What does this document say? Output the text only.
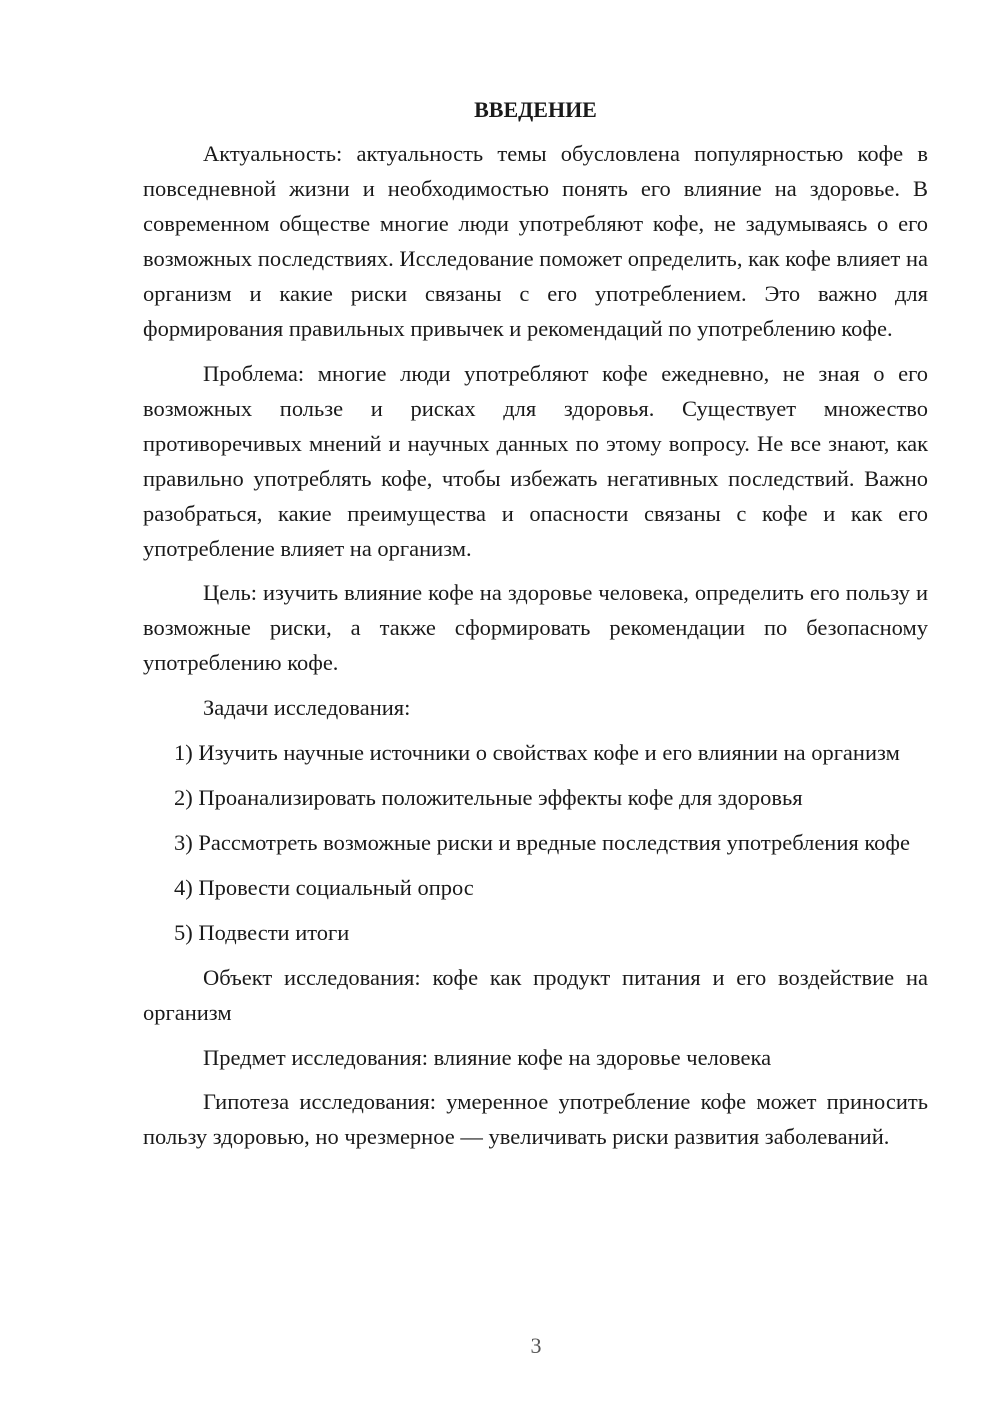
ВВЕДЕНИЕ

Актуальность: актуальность темы обусловлена популярностью кофе в повседневной жизни и необходимостью понять его влияние на здоровье. В современном обществе многие люди употребляют кофе, не задумываясь о его возможных последствиях. Исследование поможет определить, как кофе влияет на организм и какие риски связаны с его употреблением. Это важно для формирования правильных привычек и рекомендаций по употреблению кофе.

Проблема: многие люди употребляют кофе ежедневно, не зная о его возможных пользе и рисках для здоровья. Существует множество противоречивых мнений и научных данных по этому вопросу. Не все знают, как правильно употреблять кофе, чтобы избежать негативных последствий. Важно разобраться, какие преимущества и опасности связаны с кофе и как его употребление влияет на организм.

Цель: изучить влияние кофе на здоровье человека, определить его пользу и возможные риски, а также сформировать рекомендации по безопасному употреблению кофе.

Задачи исследования:

1) Изучить научные источники о свойствах кофе и его влиянии на организм

2) Проанализировать положительные эффекты кофе для здоровья

3) Рассмотреть возможные риски и вредные последствия употребления кофе

4) Провести социальный опрос

5) Подвести итоги

Объект исследования: кофе как продукт питания и его воздействие на организм

Предмет исследования: влияние кофе на здоровье человека

Гипотеза исследования: умеренное употребление кофе может приносить пользу здоровью, но чрезмерное — увеличивать риски развития заболеваний.

3
